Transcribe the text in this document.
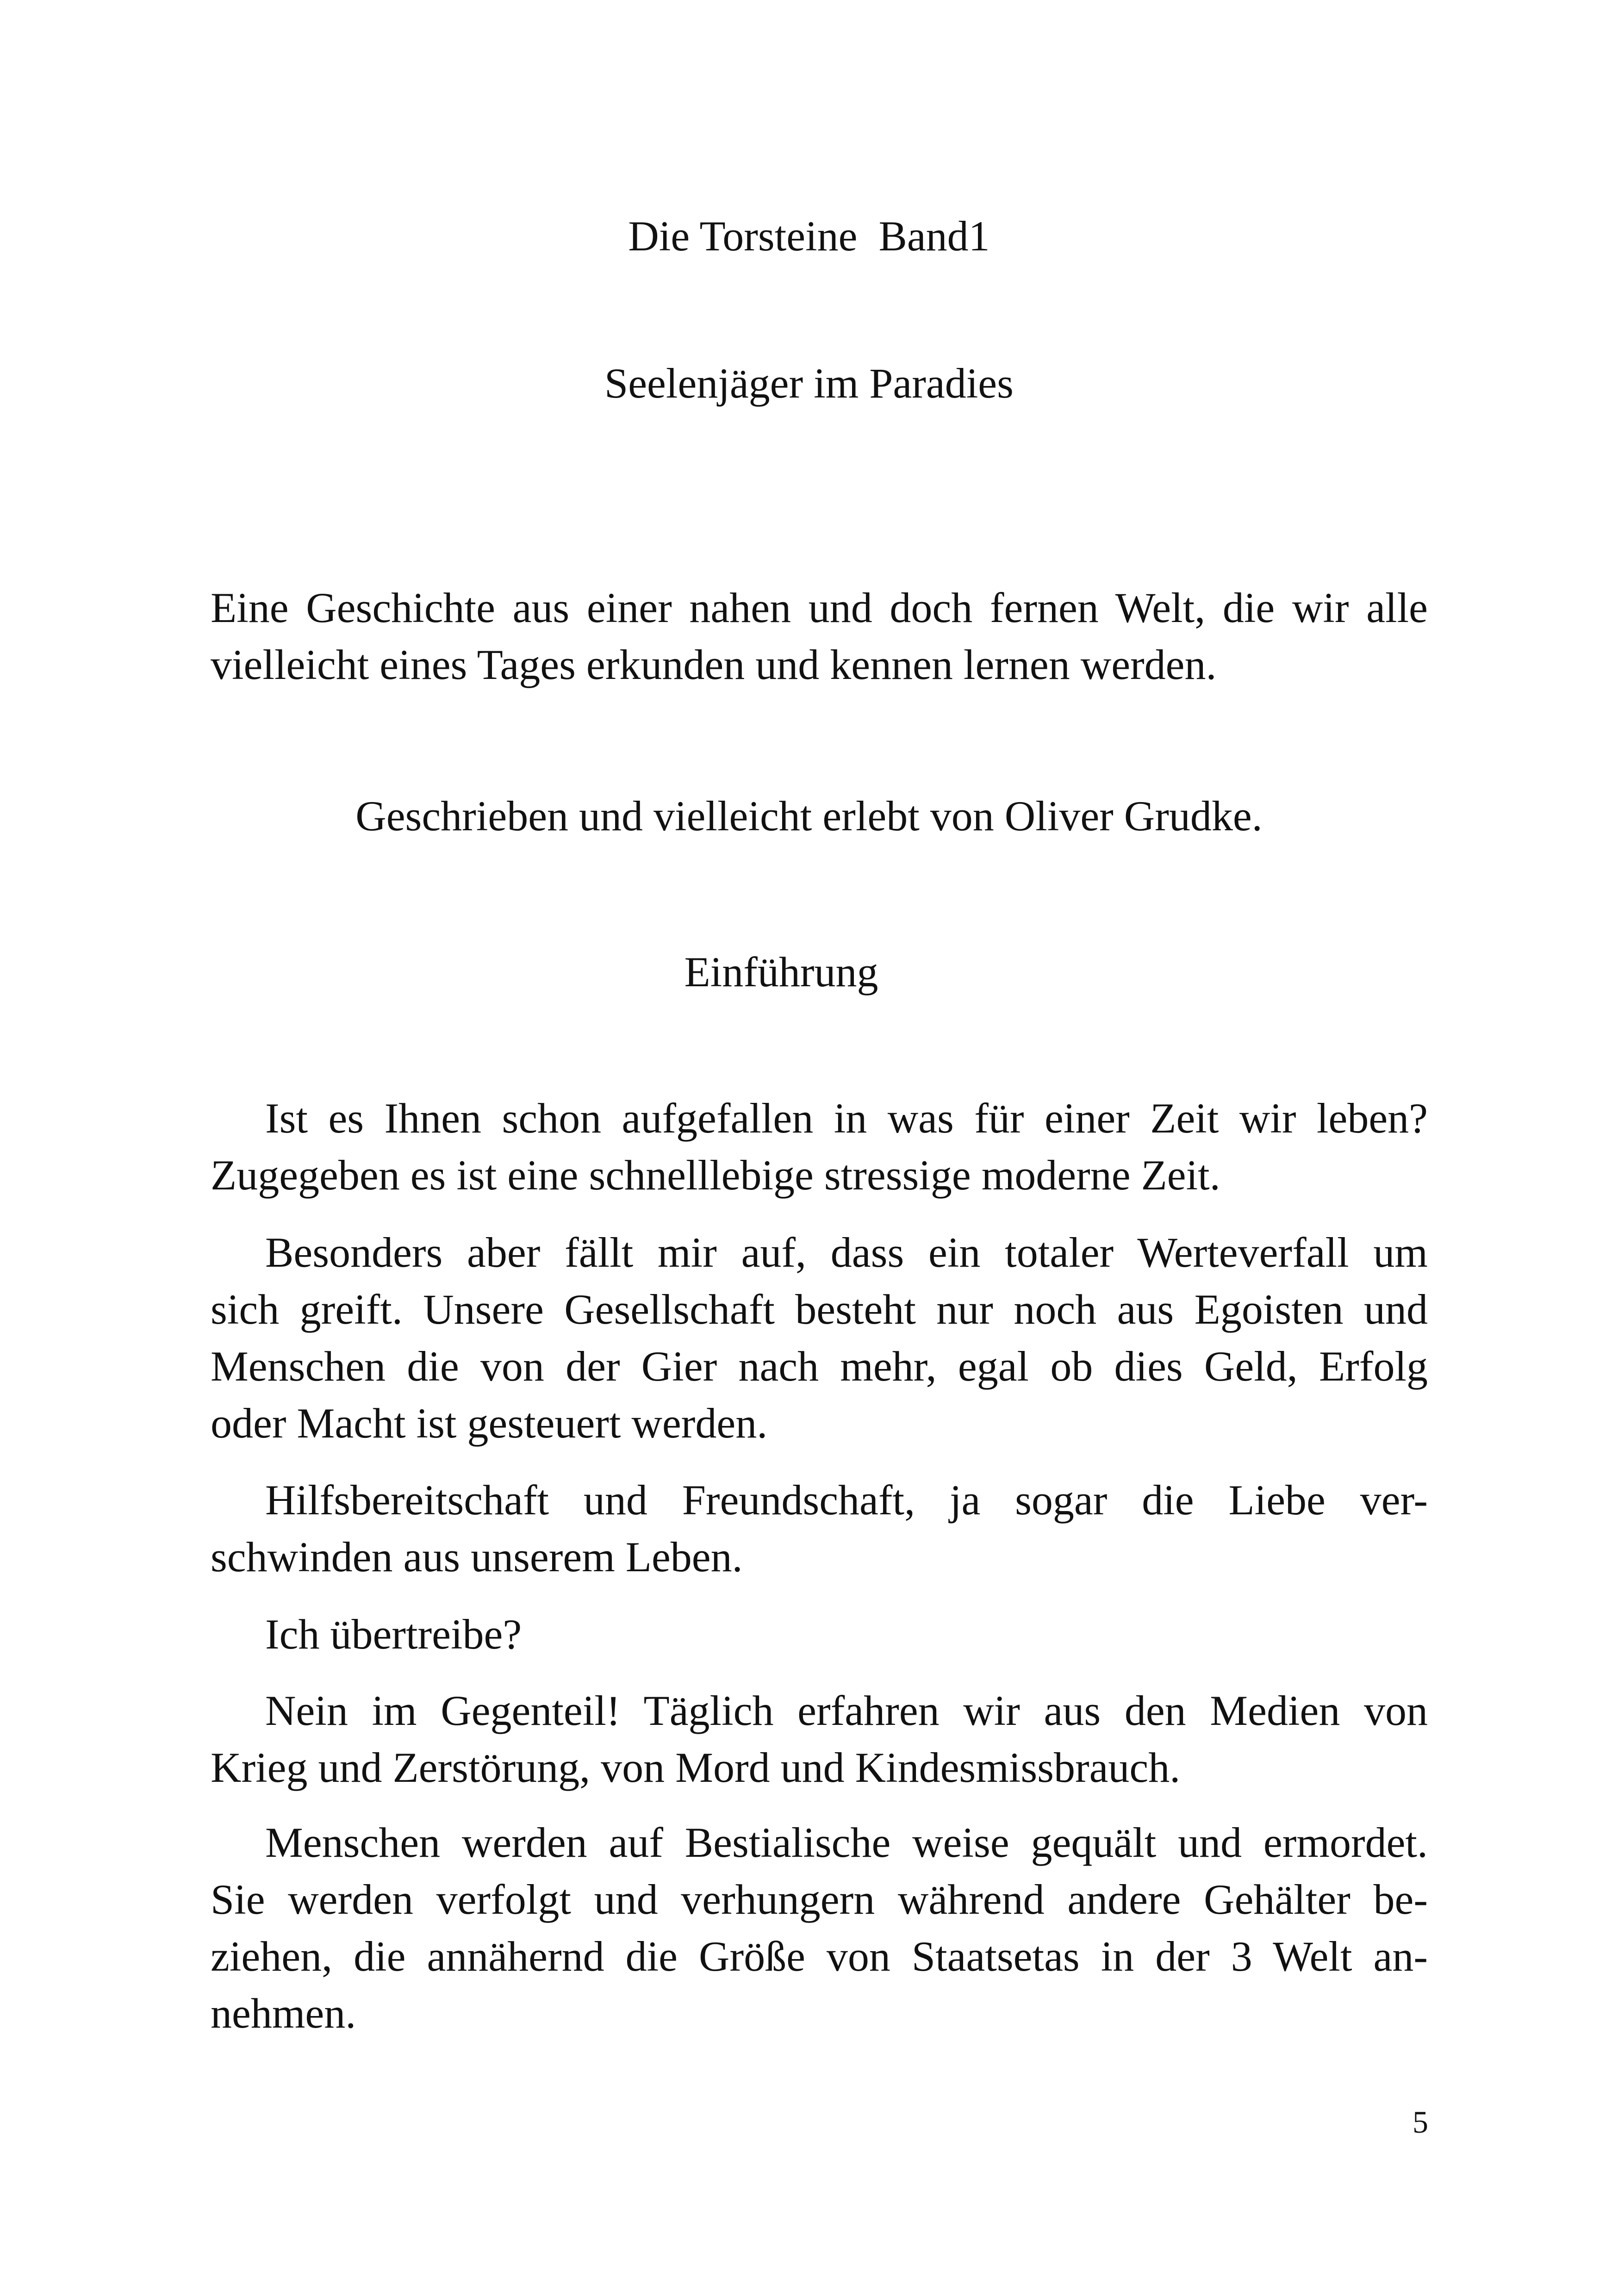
Die Torsteine  Band1
Seelenjäger im Paradies

Eine Geschichte aus einer nahen und doch fernen Welt, die wir alle

vielleicht eines Tages erkunden und kennen lernen werden.

Geschrieben und vielleicht erlebt von Oliver Grudke.
Einführung

Ist es Ihnen schon aufgefallen in was für einer Zeit wir leben?

Zugegeben es ist eine schnelllebige stressige moderne Zeit.

Besonders aber fällt mir auf, dass ein totaler Werteverfall um

sich greift. Unsere Gesellschaft besteht nur noch aus Egoisten und

Menschen die von der Gier nach mehr, egal ob dies Geld, Erfolg

oder Macht ist gesteuert werden.

Hilfsbereitschaft und Freundschaft, ja sogar die Liebe ver-

schwinden aus unserem Leben.

Ich übertreibe?

Nein im Gegenteil! Täglich erfahren wir aus den Medien von

Krieg und Zerstörung, von Mord und Kindesmissbrauch.

Menschen werden auf Bestialische weise gequält und ermordet.

Sie werden verfolgt und verhungern während andere Gehälter be-

ziehen, die annähernd die Größe von Staatsetas in der 3 Welt an-

nehmen.

5
